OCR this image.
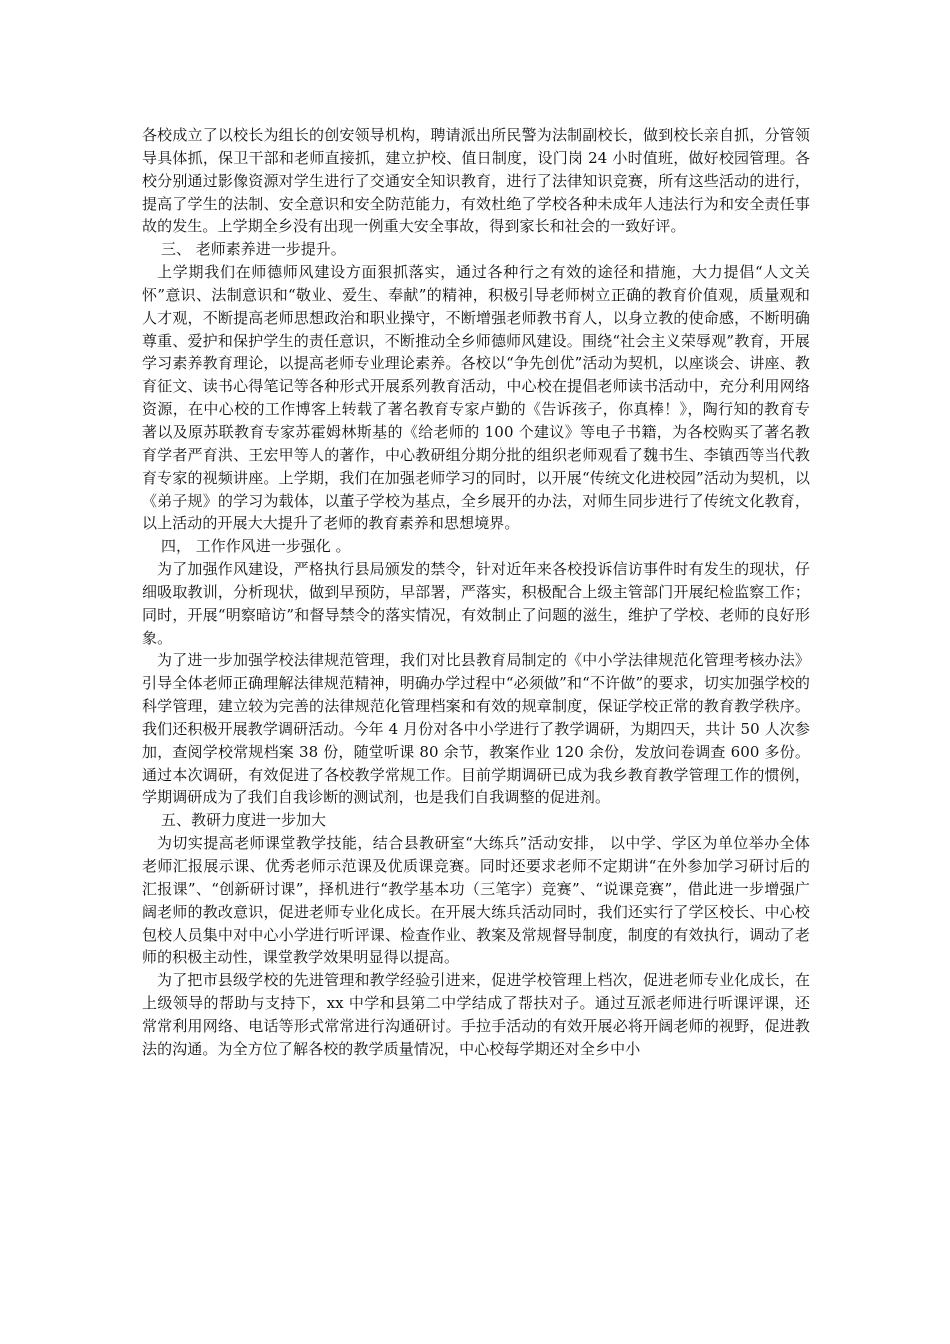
各校成立了以校长为组长的创安领导机构，聘请派出所民警为法制副校长，做到校长亲自抓，分管领导具体抓，保卫干部和老师直接抓，建立护校、值日制度，设门岗 24 小时值班，做好校园管理。各校分别通过影像资源对学生进行了交通安全知识教育，进行了法律知识竞赛，所有这些活动的进行，提高了学生的法制、安全意识和安全防范能力，有效杜绝了学校各种未成年人违法行为和安全责任事故的发生。上学期全乡没有出现一例重大安全事故，得到家长和社会的一致好评。

三、 老师素养进一步提升。

上学期我们在师德师风建设方面狠抓落实，通过各种行之有效的途径和措施，大力提倡“人文关怀”意识、法制意识和“敬业、爱生、奉献”的精神，积极引导老师树立正确的教育价值观，质量观和人才观，不断提高老师思想政治和职业操守，不断增强老师教书育人，以身立教的使命感，不断明确尊重、爱护和保护学生的责任意识，不断推动全乡师德师风建设。围绕“社会主义荣辱观”教育，开展学习素养教育理论，以提高老师专业理论素养。各校以“争先创优”活动为契机，以座谈会、讲座、教育征文、读书心得笔记等各种形式开展系列教育活动，中心校在提倡老师读书活动中，充分利用网络资源，在中心校的工作博客上转载了著名教育专家卢勤的《告诉孩子，你真棒！》，陶行知的教育专著以及原苏联教育专家苏霍姆林斯基的《给老师的 100 个建议》等电子书籍，为各校购买了著名教育学者严育洪、王宏甲等人的著作，中心教研组分期分批的组织老师观看了魏书生、李镇西等当代教育专家的视频讲座。上学期，我们在加强老师学习的同时，以开展“传统文化进校园”活动为契机，以《弟子规》的学习为载体，以董子学校为基点，全乡展开的办法，对师生同步进行了传统文化教育，以上活动的开展大大提升了老师的教育素养和思想境界。

四， 工作作风进一步强化 。

为了加强作风建设，严格执行县局颁发的禁令，针对近年来各校投诉信访事件时有发生的现状，仔细吸取教训，分析现状，做到早预防，早部署，严落实，积极配合上级主管部门开展纪检监察工作；同时，开展“明察暗访”和督导禁令的落实情况，有效制止了问题的滋生，维护了学校、老师的良好形象。

为了进一步加强学校法律规范管理，我们对比县教育局制定的《中小学法律规范化管理考核办法》引导全体老师正确理解法律规范精神，明确办学过程中“必须做”和“不许做”的要求，切实加强学校的科学管理，建立较为完善的法律规范化管理档案和有效的规章制度，保证学校正常的教育教学秩序。我们还积极开展教学调研活动。今年 4 月份对各中小学进行了教学调研，为期四天，共计 50 人次参加，查阅学校常规档案 38 份，随堂听课 80 余节，教案作业 120 余份，发放问卷调查 600 多份。通过本次调研，有效促进了各校教学常规工作。目前学期调研已成为我乡教育教学管理工作的惯例，学期调研成为了我们自我诊断的测试剂，也是我们自我调整的促进剂。

五、教研力度进一步加大

为切实提高老师课堂教学技能，结合县教研室“大练兵”活动安排， 以中学、学区为单位举办全体老师汇报展示课、优秀老师示范课及优质课竞赛。同时还要求老师不定期讲“在外参加学习研讨后的汇报课”、“创新研讨课”，择机进行“教学基本功（三笔字）竞赛”、“说课竞赛”，借此进一步增强广阔老师的教改意识，促进老师专业化成长。在开展大练兵活动同时，我们还实行了学区校长、中心校包校人员集中对中心小学进行听评课、检查作业、教案及常规督导制度，制度的有效执行，调动了老师的积极主动性，课堂教学效果明显得以提高。

为了把市县级学校的先进管理和教学经验引进来，促进学校管理上档次，促进老师专业化成长，在上级领导的帮助与支持下，xx 中学和县第二中学结成了帮扶对子。通过互派老师进行听课评课，还常常利用网络、电话等形式常常进行沟通研讨。手拉手活动的有效开展必将开阔老师的视野，促进教法的沟通。为全方位了解各校的教学质量情况，中心校每学期还对全乡中小
